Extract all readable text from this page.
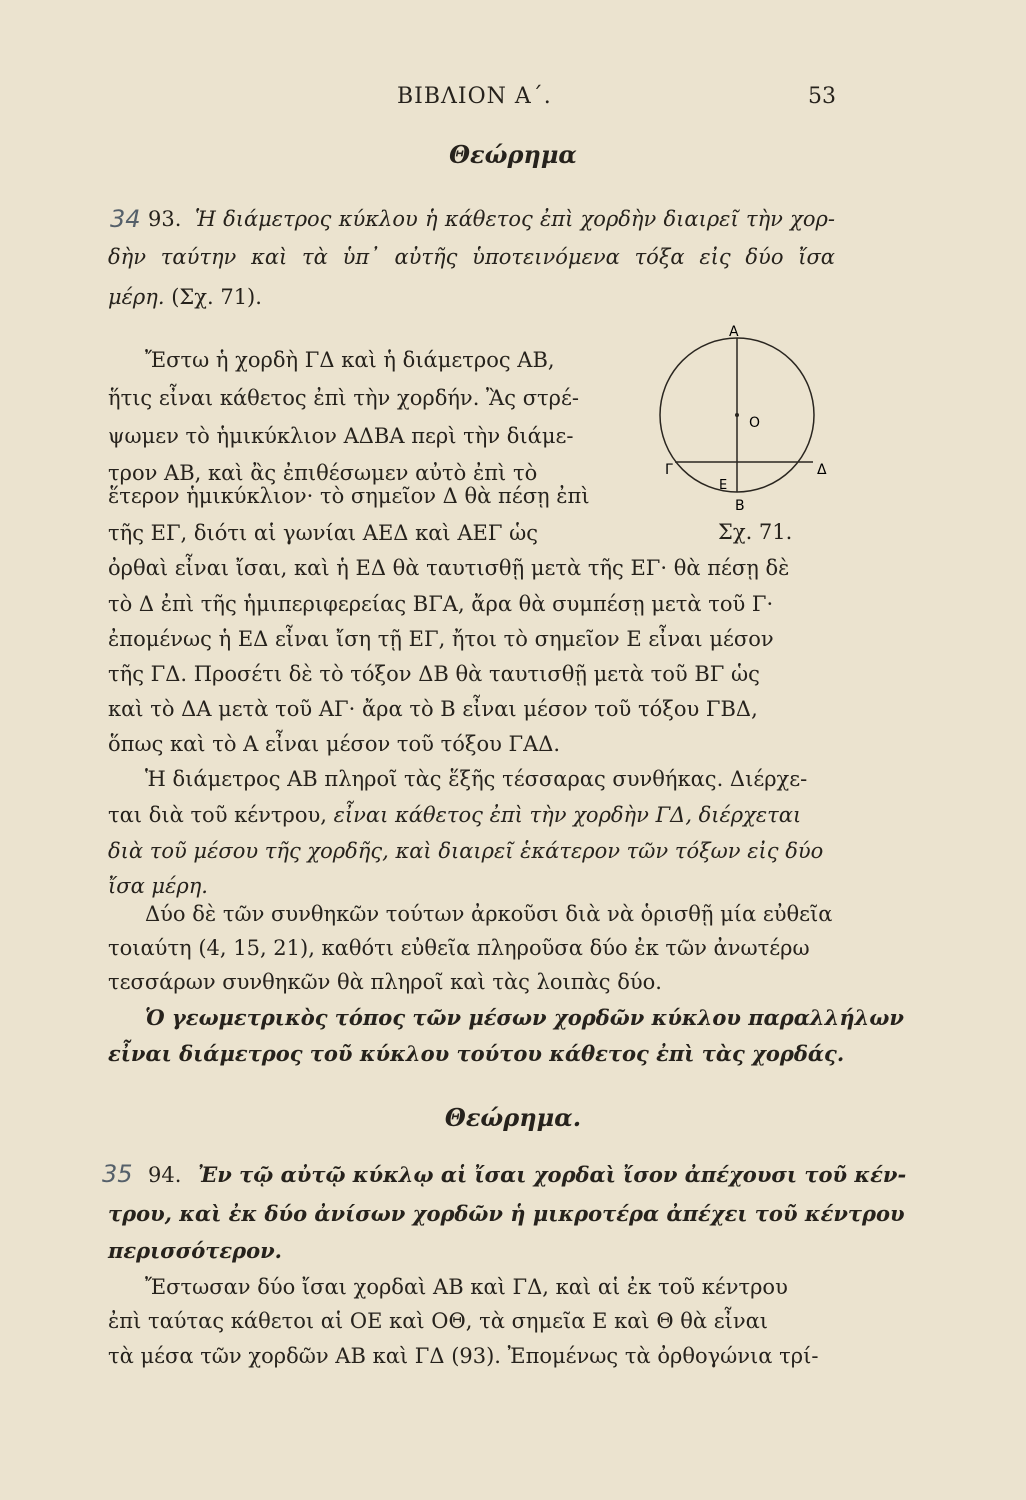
ΒΙΒΛΙΟΝ Α΄.	53
Θεώρημα
34 93. Ἡ διάμετρος κύκλου ἡ κάθετος ἐπὶ χορδὴν διαιρεῖ τὴν χορ-
δὴν ταύτην καὶ τὰ ὑπ᾽ αὐτῆς ὑποτεινόμενα τόξα εἰς δύο ἴσα
μέρη. (Σχ. 71).
Ἔστω ἡ χορδὴ ΓΔ καὶ ἡ διάμετρος ΑΒ,
ἥτις εἶναι κάθετος ἐπὶ τὴν χορδήν. Ἂς στρέ-
ψωμεν τὸ ἡμικύκλιον ΑΔΒΑ περὶ τὴν διάμε-
τρον ΑΒ, καὶ ἂς ἐπιθέσωμεν αὐτὸ ἐπὶ τὸ
ἕτερον ἡμικύκλιον· τὸ σημεῖον Δ θὰ πέσῃ ἐπὶ
τῆς ΕΓ, διότι αἱ γωνίαι ΑΕΔ καὶ ΑΕΓ ὡς
ὀρθαὶ εἶναι ἴσαι, καὶ ἡ ΕΔ θὰ ταυτισθῇ μετὰ τῆς ΕΓ· θὰ πέσῃ δὲ
τὸ Δ ἐπὶ τῆς ἡμιπεριφερείας ΒΓΑ, ἄρα θὰ συμπέσῃ μετὰ τοῦ Γ·
ἐπομένως ἡ ΕΔ εἶναι ἴση τῇ ΕΓ, ἤτοι τὸ σημεῖον Ε εἶναι μέσον
τῆς ΓΔ. Προσέτι δὲ τὸ τόξον ΔΒ θὰ ταυτισθῇ μετὰ τοῦ ΒΓ ὡς
καὶ τὸ ΔΑ μετὰ τοῦ ΑΓ· ἄρα τὸ Β εἶναι μέσον τοῦ τόξου ΓΒΔ,
ὅπως καὶ τὸ Α εἶναι μέσον τοῦ τόξου ΓΑΔ.
Ἡ διάμετρος ΑΒ πληροῖ τὰς ἕξῆς τέσσαρας συνθήκας. Διέρχε-
ται διὰ τοῦ κέντρου, εἶναι κάθετος ἐπὶ τὴν χορδὴν ΓΔ, διέρχεται
διὰ τοῦ μέσου τῆς χορδῆς, καὶ διαιρεῖ ἑκάτερον τῶν τόξων εἰς δύο
ἴσα μέρη.
Δύο δὲ τῶν συνθηκῶν τούτων ἀρκοῦσι διὰ νὰ ὁρισθῇ μία εὐθεῖα
τοιαύτη (4, 15, 21), καθότι εὐθεῖα πληροῦσα δύο ἐκ τῶν ἀνωτέρω
τεσσάρων συνθηκῶν θὰ πληροῖ καὶ τὰς λοιπὰς δύο.
Ὁ γεωμετρικὸς τόπος τῶν μέσων χορδῶν κύκλου παραλλήλων
εἶναι διάμετρος τοῦ κύκλου τούτου κάθετος ἐπὶ τὰς χορδάς.
Α
Ο
Γ	Δ
Ε
Β
Σχ. 71.
Θεώρημα.
35 94. Ἐν τῷ αὐτῷ κύκλῳ αἱ ἴσαι χορδαὶ ἴσον ἀπέχουσι τοῦ κέν-
τρου, καὶ ἐκ δύο ἀνίσων χορδῶν ἡ μικροτέρα ἀπέχει τοῦ κέντρου
περισσότερον.
Ἔστωσαν δύο ἴσαι χορδαὶ ΑΒ καὶ ΓΔ, καὶ αἱ ἐκ τοῦ κέντρου
ἐπὶ ταύτας κάθετοι αἱ ΟΕ καὶ ΟΘ, τὰ σημεῖα Ε καὶ Θ θὰ εἶναι
τὰ μέσα τῶν χορδῶν ΑΒ καὶ ΓΔ (93). Ἐπομένως τὰ ὀρθογώνια τρί-
